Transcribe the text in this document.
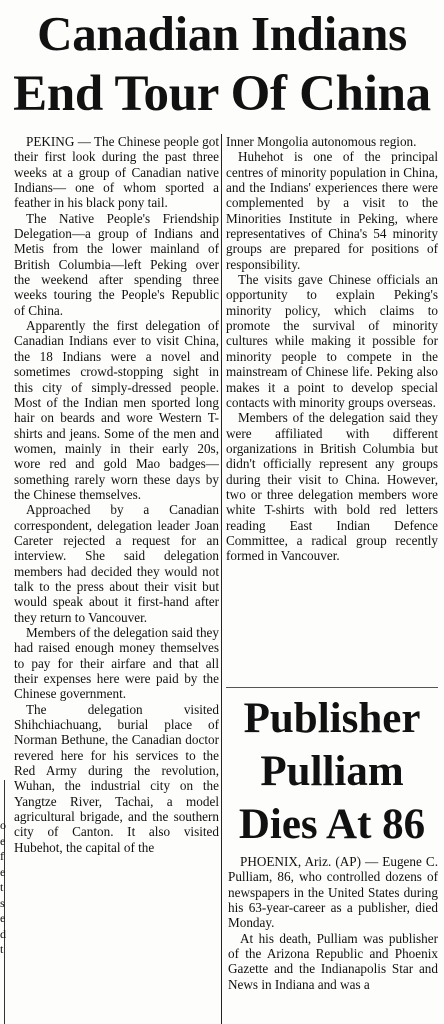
Canadian Indians
End Tour Of China
o
e
f
e
t
s
e
d
t

PEKING — The Chinese people got their first look during the past three weeks at a group of Canadian native Indians— one of whom sported a feather in his black pony tail.

The Native People's Friendship Delegation—a group of Indians and Metis from the lower mainland of British Columbia—left Peking over the weekend after spending three weeks touring the People's Republic of China.

Apparently the first delegation of Canadian Indians ever to visit China, the 18 Indians were a novel and sometimes crowd-stopping sight in this city of simply-dressed people. Most of the Indian men sported long hair on beards and wore Western T-shirts and jeans. Some of the men and women, mainly in their early 20s, wore red and gold Mao badges—something rarely worn these days by the Chinese themselves.

Approached by a Canadian correspondent, delegation leader Joan Careter rejected a request for an interview. She said delegation members had decided they would not talk to the press about their visit but would speak about it first-hand after they return to Vancouver.

Members of the delegation said they had raised enough money themselves to pay for their airfare and that all their expenses here were paid by the Chinese government.

The delegation visited Shihchiachuang, burial place of Norman Bethune, the Canadian doctor revered here for his services to the Red Army during the revolution, Wuhan, the industrial city on the Yangtze River, Tachai, a model agricultural brigade, and the southern city of Canton. It also visited Hubehot, the capital of the

Inner Mongolia autonomous region.

Huhehot is one of the principal centres of minority population in China, and the Indians' experiences there were complemented by a visit to the Minorities Institute in Peking, where representatives of China's 54 minority groups are prepared for positions of responsibility.

The visits gave Chinese officials an opportunity to explain Peking's minority policy, which claims to promote the survival of minority cultures while making it possible for minority people to compete in the mainstream of Chinese life. Peking also makes it a point to develop special contacts with minority groups overseas.

Members of the delegation said they were affiliated with different organizations in British Columbia but didn't officially represent any groups during their visit to China. However, two or three delegation members wore white T-shirts with bold red letters reading East Indian Defence Committee, a radical group recently formed in Vancouver.

Publisher
Pulliam
Dies At 86

PHOENIX, Ariz. (AP) — Eugene C. Pulliam, 86, who controlled dozens of newspapers in the United States during his 63-year-career as a publisher, died Monday.

At his death, Pulliam was publisher of the Arizona Republic and Phoenix Gazette and the Indianapolis Star and News in Indiana and was a
